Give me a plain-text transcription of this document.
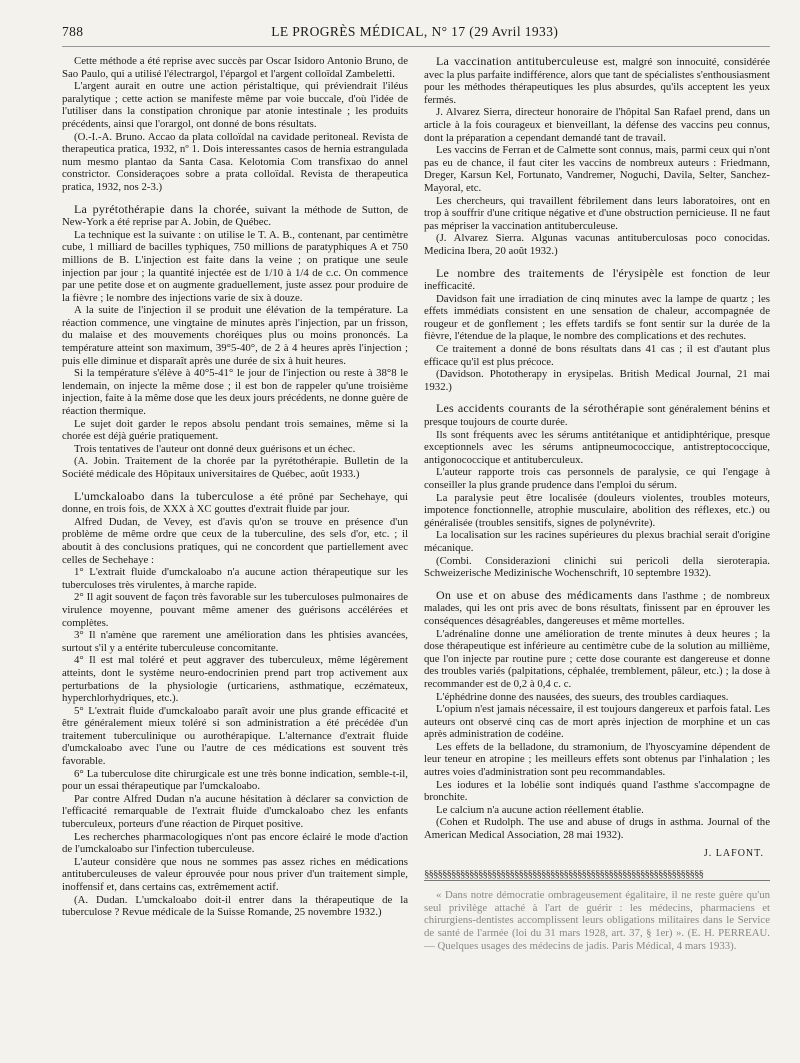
788	LE PROGRÈS MÉDICAL, N° 17 (29 Avril 1933)

Cette méthode a été reprise avec succès par Oscar Isidoro Antonio Bruno, de Sao Paulo, qui a utilisé l'électrargol, l'épargol et l'argent colloïdal Zambeletti.

L'argent aurait en outre une action péristaltique, qui préviendrait l'iléus paralytique ; cette action se manifeste même par voie buccale, d'où l'idée de l'utiliser dans la constipation chronique par atonie intestinale ; les produits précédents, ainsi que l'orargol, ont donné de bons résultats.

(O.-I.-A. Bruno. Accao da plata colloïdal na cavidade peritoneal. Revista de therapeutica pratica, 1932, nº 1. Dois interessantes casos de hernia estrangulada num mesmo plantao da Santa Casa. Kelotomia Com transfixao do annel constrictor. Consideraçoes sobre a prata colloïdal. Revista de therapeutica pratica, 1932, nos 2-3.)

La pyrétothérapie dans la chorée, suivant la méthode de Sutton, de New-York a été reprise par A. Jobin, de Québec.

La technique est la suivante : on utilise le T. A. B., contenant, par centimètre cube, 1 milliard de bacilles typhiques, 750 millions de paratyphiques A et 750 millions de B. L'injection est faite dans la veine ; on pratique une seule injection par jour ; la quantité injectée est de 1/10 à 1/4 de c.c. On commence par une petite dose et on augmente graduellement, juste assez pour produire de la fièvre ; le nombre des injections varie de six à douze.

A la suite de l'injection il se produit une élévation de la température. La réaction commence, une vingtaine de minutes après l'injection, par un frisson, du malaise et des mouvements choréiques plus ou moins prononcés. La température atteint son maximum, 39°5-40°, de 2 à 4 heures après l'injection ; puis elle diminue et disparaît après une durée de six à huit heures.

Si la température s'élève à 40°5-41° le jour de l'injection ou reste à 38°8 le lendemain, on injecte la même dose ; il est bon de rappeler qu'une troisième injection, faite à la même dose que les deux jours précédents, ne donne guère de réaction thermique.

Le sujet doit garder le repos absolu pendant trois semaines, même si la chorée est déjà guérie pratiquement.

Trois tentatives de l'auteur ont donné deux guérisons et un échec.

(A. Jobin. Traitement de la chorée par la pyrétothérapie. Bulletin de la Société médicale des Hôpitaux universitaires de Québec, août 1933.)

L'umckaloabo dans la tuberculose a été prôné par Sechehaye, qui donne, en trois fois, de XXX à XC gouttes d'extrait fluide par jour.

Alfred Dudan, de Vevey, est d'avis qu'on se trouve en présence d'un problème de même ordre que ceux de la tuberculine, des sels d'or, etc. ; il aboutit à des conclusions pratiques, qui ne concordent que partiellement avec celles de Sechehaye :

1° L'extrait fluide d'umckaloabo n'a aucune action thérapeutique sur les tuberculoses très virulentes, à marche rapide.

2° Il agit souvent de façon très favorable sur les tuberculoses pulmonaires de virulence moyenne, pouvant même amener des guérisons accélérées et complètes.

3° Il n'amène que rarement une amélioration dans les phtisies avancées, surtout s'il y a entérite tuberculeuse concomitante.

4° Il est mal toléré et peut aggraver des tuberculeux, même légèrement atteints, dont le système neuro-endocrinien prend part trop activement aux perturbations de la physiologie (urticariens, asthmatique, eczémateux, hyperchlorhydriques, etc.).

5° L'extrait fluide d'umckaloabo paraît avoir une plus grande efficacité et être généralement mieux toléré si son administration a été précédée d'un traitement tuberculinique ou aurothérapique. L'alternance d'extrait fluide d'umckaloabo avec l'une ou l'autre de ces médications est souvent très favorable.

6° La tuberculose dite chirurgicale est une très bonne indication, semble-t-il, pour un essai thérapeutique par l'umckaloabo.

Par contre Alfred Dudan n'a aucune hésitation à déclarer sa conviction de l'efficacité remarquable de l'extrait fluide d'umckaloabo chez les enfants tuberculeux, porteurs d'une réaction de Pirquet positive.

Les recherches pharmacologiques n'ont pas encore éclairé le mode d'action de l'umckaloabo sur l'infection tuberculeuse.

L'auteur considère que nous ne sommes pas assez riches en médications antituberculeuses de valeur éprouvée pour nous priver d'un traitement simple, inoffensif et, dans certains cas, extrêmement actif.

(A. Dudan. L'umckaloabo doit-il entrer dans la thérapeutique de la tuberculose ? Revue médicale de la Suisse Romande, 25 novembre 1932.)

La vaccination antituberculeuse est, malgré son innocuité, considérée avec la plus parfaite indifférence, alors que tant de spécialistes s'enthousiasment pour les méthodes thérapeutiques les plus absurdes, qu'ils acceptent les yeux fermés.

J. Alvarez Sierra, directeur honoraire de l'hôpital San Rafael prend, dans un article à la fois courageux et bienveillant, la défense des vaccins peu connus, dont la préparation a cependant demandé tant de travail.

Les vaccins de Ferran et de Calmette sont connus, mais, parmi ceux qui n'ont pas eu de chance, il faut citer les vaccins de nombreux auteurs : Friedmann, Dreger, Karsun Kel, Fortunato, Vandremer, Noguchi, Davila, Selter, Sanchez-Mayoral, etc.

Les chercheurs, qui travaillent fébrilement dans leurs laboratoires, ont en trop à souffrir d'une critique négative et d'une obstruction pernicieuse. Il ne faut pas mépriser la vaccination antituberculeuse.

(J. Alvarez Sierra. Algunas vacunas antituberculosas poco conocidas. Medicina Ibera, 20 août 1932.)

Le nombre des traitements de l'érysipèle est fonction de leur inefficacité.

Davidson fait une irradiation de cinq minutes avec la lampe de quartz ; les effets immédiats consistent en une sensation de chaleur, accompagnée de rougeur et de gonflement ; les effets tardifs se font sentir sur la durée de la fièvre, l'étendue de la plaque, le nombre des complications et des rechutes.

Ce traitement a donné de bons résultats dans 41 cas ; il est d'autant plus efficace qu'il est plus précoce.

(Davidson. Phototherapy in erysipelas. British Medical Journal, 21 mai 1932.)

Les accidents courants de la sérothérapie sont généralement bénins et presque toujours de courte durée.

Ils sont fréquents avec les sérums antitétanique et antidiphtérique, presque exceptionnels avec les sérums antipneumococcique, antistreptococcique, antigonococcique et antituberculeux.

L'auteur rapporte trois cas personnels de paralysie, ce qui l'engage à conseiller la plus grande prudence dans l'emploi du sérum.

La paralysie peut être localisée (douleurs violentes, troubles moteurs, impotence fonctionnelle, atrophie musculaire, abolition des réflexes, etc.) ou généralisée (troubles sensitifs, signes de polynévrite).

La localisation sur les racines supérieures du plexus brachial serait d'origine mécanique.

(Combi. Considerazioni clinichi sui pericoli della sieroterapia. Schweizerische Medizinische Wochenschrift, 10 septembre 1932).

On use et on abuse des médicaments dans l'asthme ; de nombreux malades, qui les ont pris avec de bons résultats, finissent par en éprouver les conséquences désagréables, dangereuses et même mortelles.

L'adrénaline donne une amélioration de trente minutes à deux heures ; la dose thérapeutique est inférieure au centimètre cube de la solution au millième, que l'on injecte par routine pure ; cette dose courante est dangereuse et donne des troubles variés (palpitations, céphalée, tremblement, pâleur, etc.) ; la dose à recommander est de 0,2 à 0,4 c. c.

L'éphédrine donne des nausées, des sueurs, des troubles cardiaques.

L'opium n'est jamais nécessaire, il est toujours dangereux et parfois fatal. Les auteurs ont observé cinq cas de mort après injection de morphine et un cas après administration de codéine.

Les effets de la belladone, du stramonium, de l'hyoscyamine dépendent de leur teneur en atropine ; les meilleurs effets sont obtenus par l'inhalation ; les autres voies d'administration sont peu recommandables.

Les iodures et la lobélie sont indiqués quand l'asthme s'accompagne de bronchite.

Le calcium n'a aucune action réellement établie.

(Cohen et Rudolph. The use and abuse of drugs in asthma. Journal of the American Medical Association, 28 mai 1932).

J. LAFONT.
§§§§§§§§§§§§§§§§§§§§§§§§§§§§§§§§§§§§§§§§§§§§§§§§§§§§§§§§§§§§§§

« Dans notre démocratie ombrageusement égalitaire, il ne reste guère qu'un seul privilège attaché à l'art de guérir : les médecins, pharmaciens et chirurgiens-dentistes accomplissent leurs obligations militaires dans le Service de santé de l'armée (loi du 31 mars 1928, art. 37, § 1er) ». (E. H. PERREAU. — Quelques usages des médecins de jadis. Paris Médical, 4 mars 1933).
